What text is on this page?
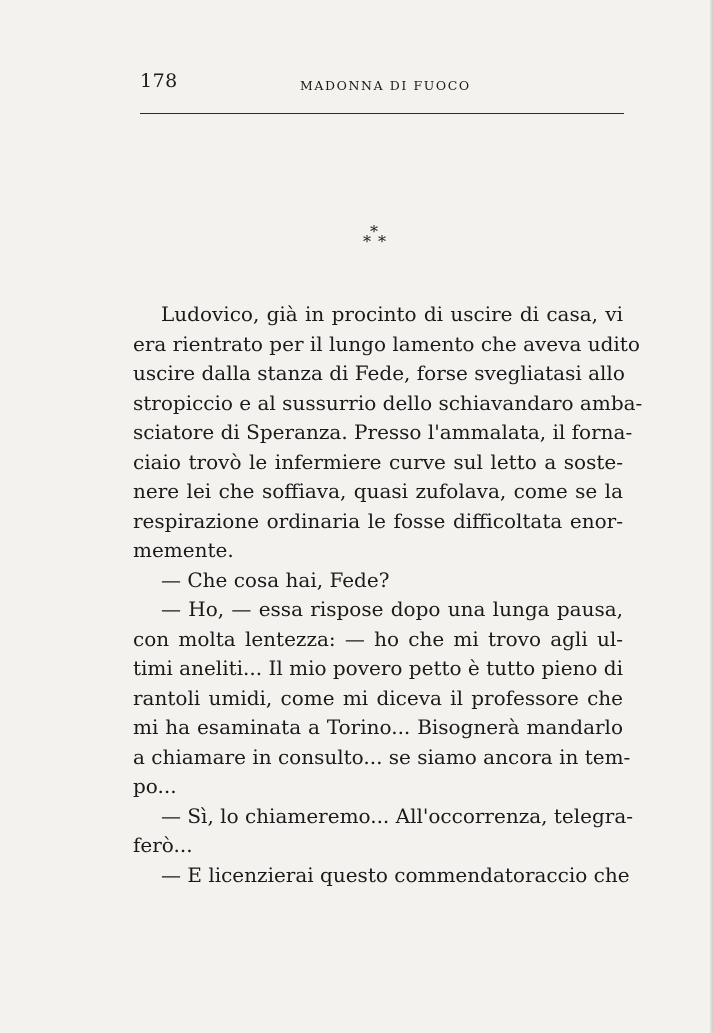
178	MADONNA DI FUOCO
*
* *
Ludovico, già in procinto di uscire di casa, vi
era rientrato per il lungo lamento che aveva udito
uscire dalla stanza di Fede, forse svegliatasi allo
stropiccio e al sussurrio dello schiavandaro amba-
sciatore di Speranza. Presso l'ammalata, il forna-
ciaio trovò le infermiere curve sul letto a soste-
nere lei che soffiava, quasi zufolava, come se la
respirazione ordinaria le fosse difficoltata enor-
memente.
— Che cosa hai, Fede?
— Ho, — essa rispose dopo una lunga pausa,
con molta lentezza: — ho che mi trovo agli ul-
timi aneliti... Il mio povero petto è tutto pieno di
rantoli umidi, come mi diceva il professore che
mi ha esaminata a Torino... Bisognerà mandarlo
a chiamare in consulto... se siamo ancora in tem-
po...
— Sì, lo chiameremo... All'occorrenza, telegra-
ferò...
— E licenzierai questo commendatoraccio che
